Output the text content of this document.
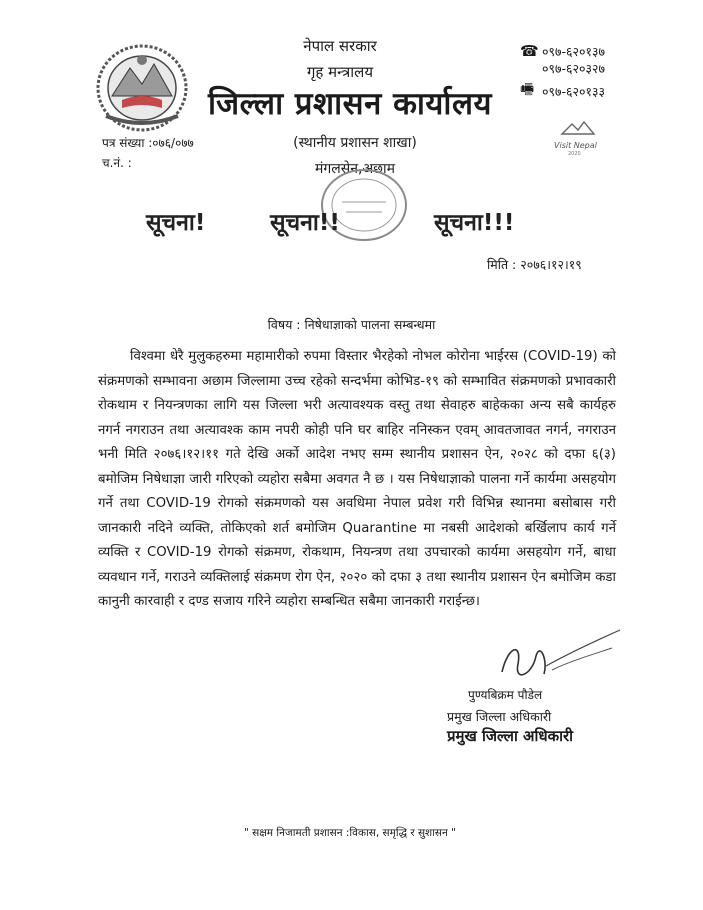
नेपाल सरकार
गृह मन्त्रालय
जिल्ला प्रशासन कार्यालय
(स्थानीय प्रशासन शाखा)
मंगलसेन,अछाम
☎ ०९७-६२०१३७
०९७-६२०३२७
🖷 ०९७-६२०१३३
Visit Nepal
2020
पत्र संख्या :०७६/०७७
च.नं. :
सूचना!	सूचना!!	सूचना!!!
मिति : २०७६।१२।१९
विषय : निषेधाज्ञाको पालना सम्बन्धमा
विश्वमा धेरै मुलुकहरुमा महामारीको रुपमा विस्तार भैरहेको नोभल कोरोना भाईरस (COVID-19) को संक्रमणको सम्भावना अछाम जिल्लामा उच्च रहेको सन्दर्भमा कोभिड-१९ को सम्भावित संक्रमणको प्रभावकारी रोकथाम र नियन्त्रणका लागि यस जिल्ला भरी अत्यावश्यक वस्तु तथा सेवाहरु बाहेकका अन्य सबै कार्यहरु नगर्न नगराउन तथा अत्यावश्क काम नपरी कोही पनि घर बाहिर ननिस्कन एवम् आवतजावत नगर्न, नगराउन भनी मिति २०७६।१२।११ गते देखि अर्को आदेश नभए सम्म स्थानीय प्रशासन ऐन, २०२८ को दफा ६(३) बमोजिम निषेधाज्ञा जारी गरिएको व्यहोरा सबैमा अवगत नै छ । यस निषेधाज्ञाको पालना गर्ने कार्यमा असहयोग गर्ने तथा COVID-19 रोगको संक्रमणको यस अवधिमा नेपाल प्रवेश गरी विभिन्न स्थानमा बसोबास गरी जानकारी नदिने व्यक्ति, तोकिएको शर्त बमोजिम Quarantine मा नबसी आदेशको बर्खिलाप कार्य गर्ने व्यक्ति र COVID-19 रोगको संक्रमण, रोकथाम, नियन्त्रण तथा उपचारको कार्यमा असहयोग गर्ने, बाधा व्यवधान गर्ने, गराउने व्यक्तिलाई संक्रमण रोग ऐन, २०२० को दफा ३ तथा स्थानीय प्रशासन ऐन बमोजिम कडा कानुनी कारवाही र दण्ड सजाय गरिने व्यहोरा सम्बन्धित सबैमा जानकारी गराईन्छ।
पुण्यबिक्रम पौडेल
प्रमुख जिल्ला अधिकारी
प्रमुख जिल्ला अधिकारी
" सक्षम निजामती प्रशासन :विकास, समृद्धि र सुशासन "
